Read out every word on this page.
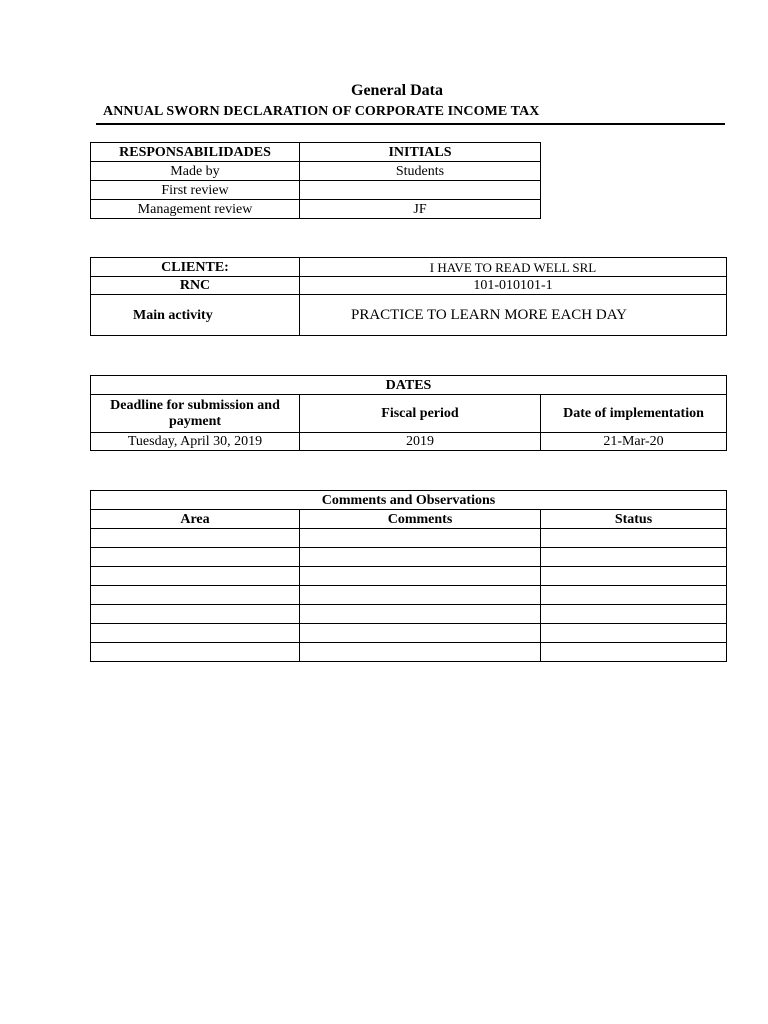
General Data
ANNUAL SWORN DECLARATION OF CORPORATE INCOME TAX
RESPONSABILIDADES	INITIALS
Made by	Students
First review	
Management review	JF
CLIENTE:	I HAVE TO READ WELL SRL
RNC	101-010101-1
Main activity	PRACTICE TO LEARN MORE EACH DAY
DATES		
Deadline for submission and payment	Fiscal period	Date of implementation
Tuesday, April 30, 2019	2019	21-Mar-20
Comments and Observations		
Area	Comments	Status
